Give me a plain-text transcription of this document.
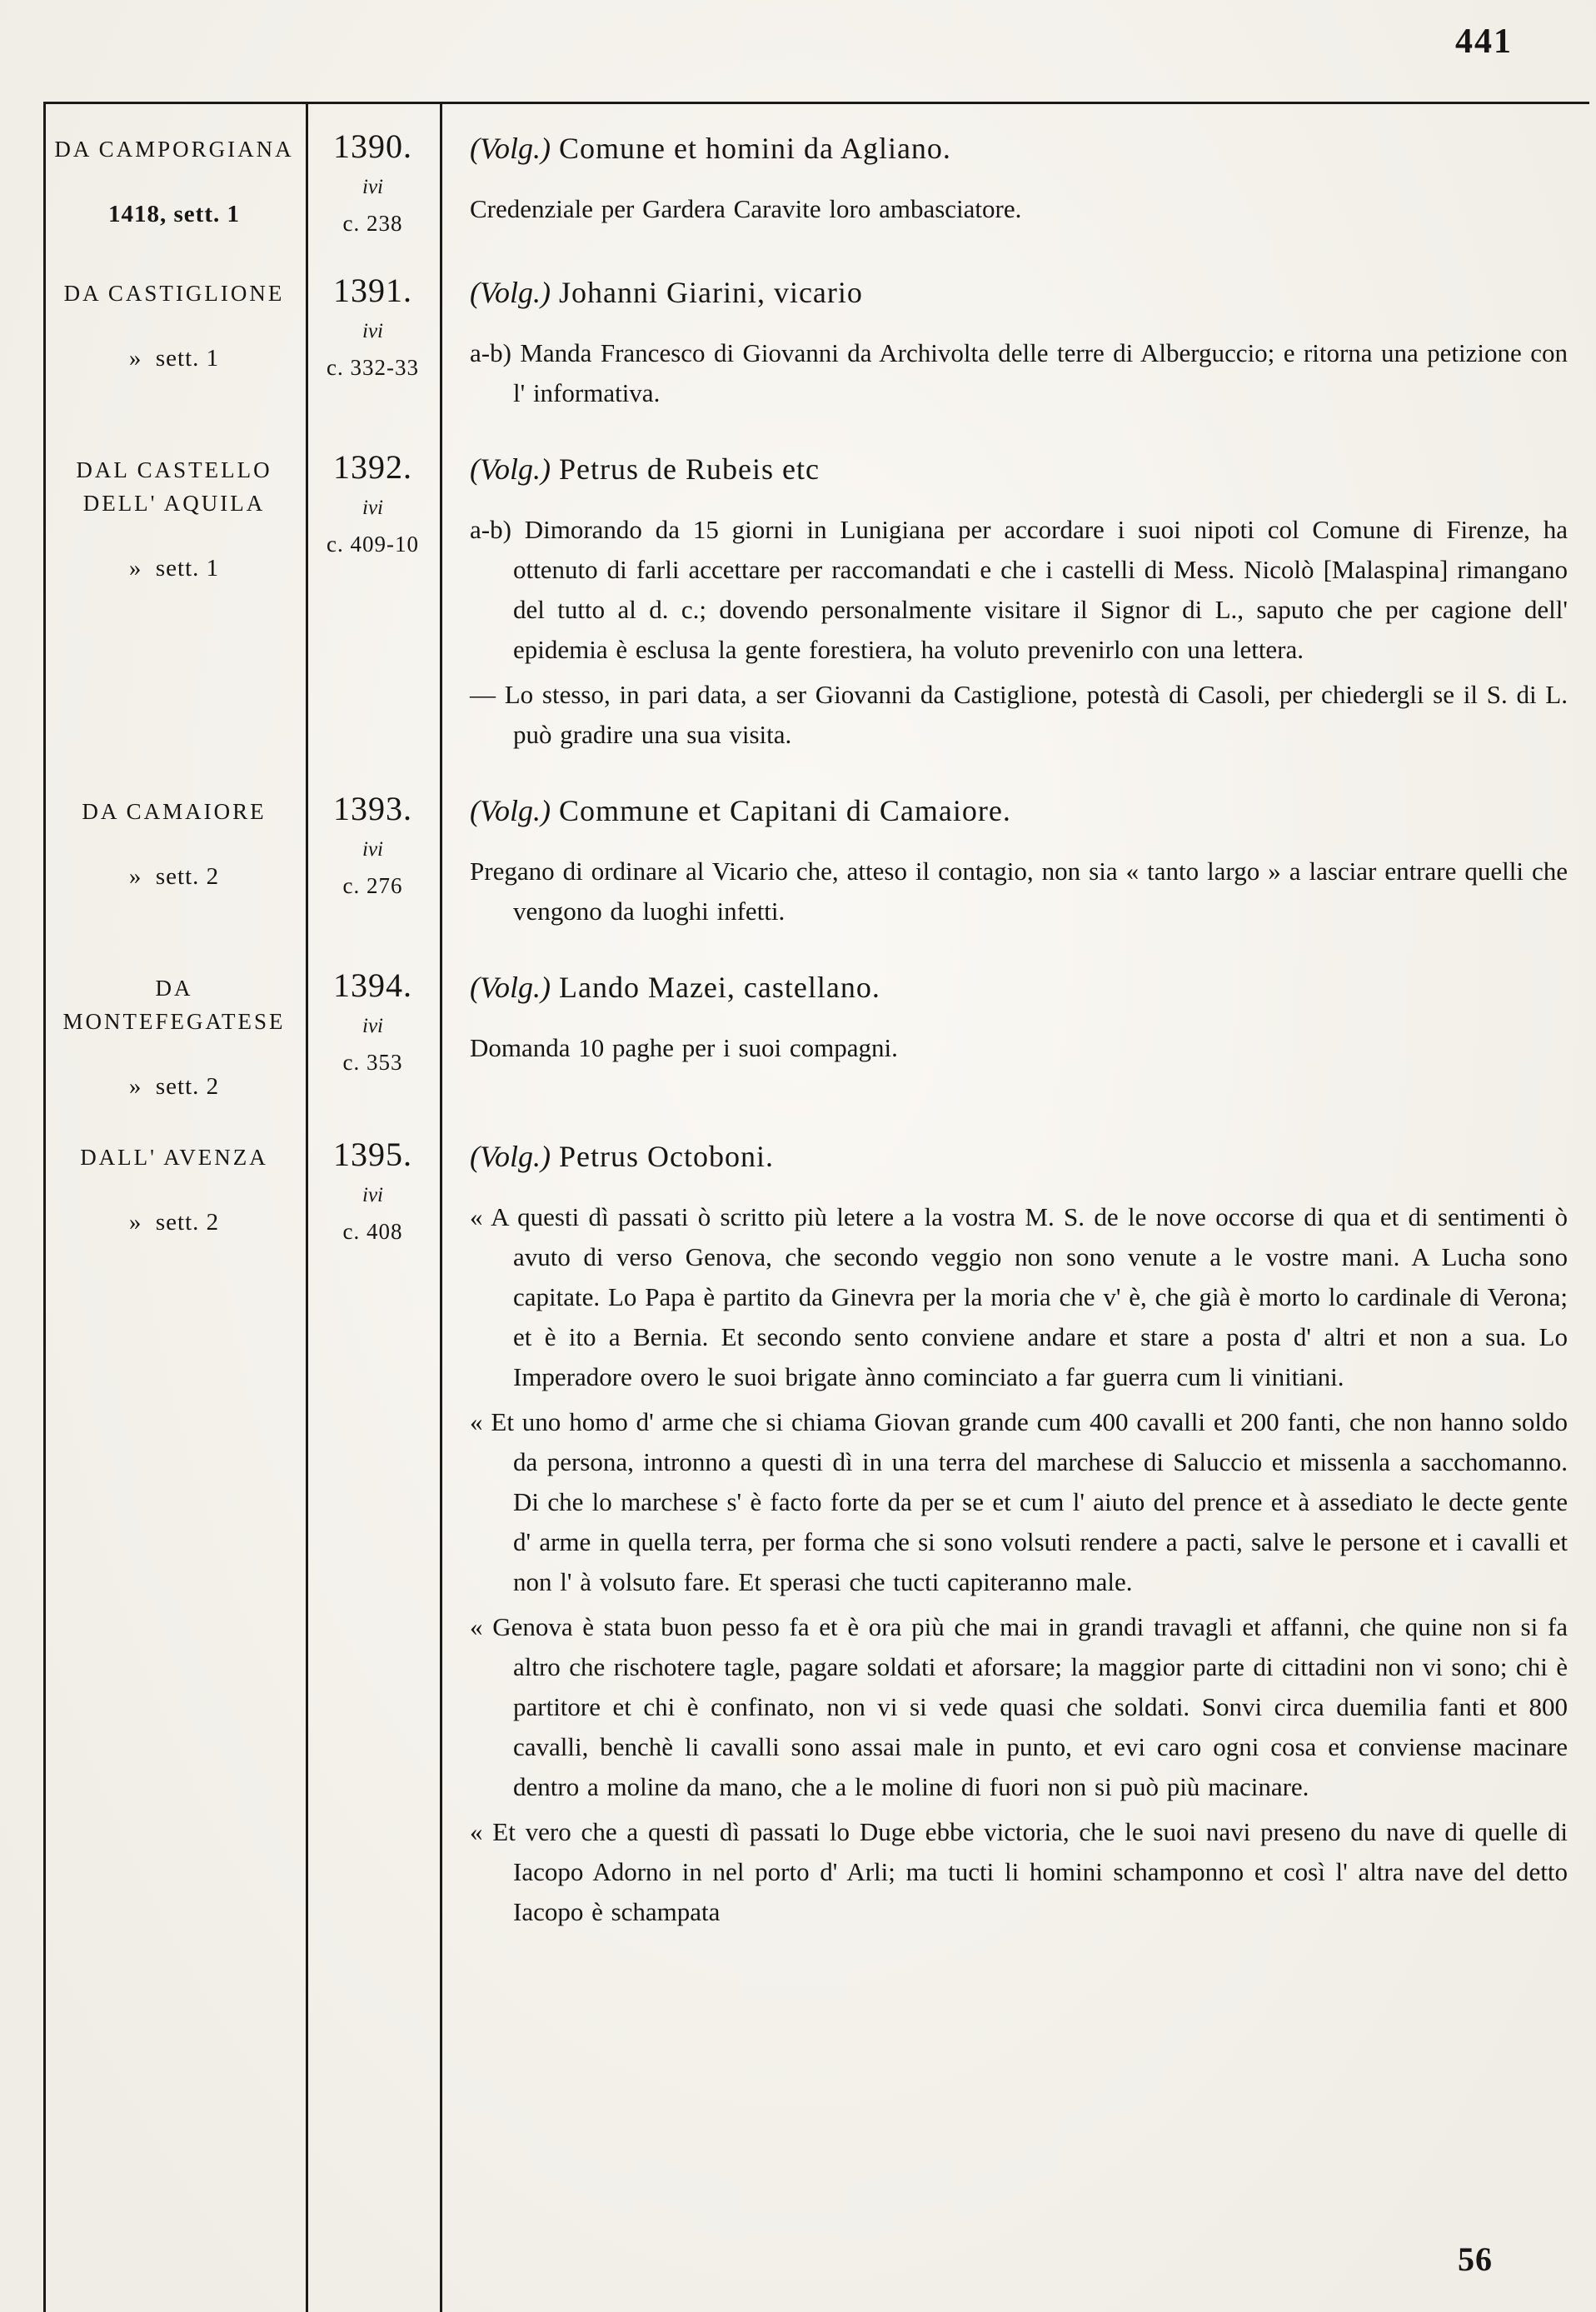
441
DA CAMPORGIANA
1418, sett. 1
1390.
ivi
c. 238
(Volg.) Comune et homini da Agliano.

Credenziale per Gardera Caravite loro ambasciatore.

DA CASTIGLIONE
»  sett. 1
1391.
ivi
c. 332-33
(Volg.) Johanni Giarini, vicario

a-b) Manda Francesco di Giovanni da Archivolta delle terre di Alberguccio; e ritorna una petizione con l' informativa.

DAL CASTELLO
DELL' AQUILA
»  sett. 1
1392.
ivi
c. 409-10
(Volg.) Petrus de Rubeis etc

a-b) Dimorando da 15 giorni in Lunigiana per accordare i suoi nipoti col Comune di Firenze, ha ottenuto di farli accettare per raccomandati e che i castelli di Mess. Nicolò [Malaspina] rimangano del tutto al d. c.; dovendo personalmente visitare il Signor di L., saputo che per cagione dell' epidemia è esclusa la gente forestiera, ha voluto prevenirlo con una lettera.

— Lo stesso, in pari data, a ser Giovanni da Castiglione, potestà di Casoli, per chiedergli se il S. di L. può gradire una sua visita.

DA CAMAIORE
»  sett. 2
1393.
ivi
c. 276
(Volg.) Commune et Capitani di Camaiore.

Pregano di ordinare al Vicario che, atteso il contagio, non sia « tanto largo » a lasciar entrare quelli che vengono da luoghi infetti.

DA
MONTEFEGATESE
»  sett. 2
1394.
ivi
c. 353
(Volg.) Lando Mazei, castellano.

Domanda 10 paghe per i suoi compagni.

DALL' AVENZA
»  sett. 2
1395.
ivi
c. 408
(Volg.) Petrus Octoboni.

« A questi dì passati ò scritto più letere a la vostra M. S. de le nove occorse di qua et di sentimenti ò avuto di verso Genova, che secondo veggio non sono venute a le vostre mani. A Lucha sono capitate. Lo Papa è partito da Ginevra per la moria che v' è, che già è morto lo cardinale di Verona; et è ito a Bernia. Et secondo sento conviene andare et stare a posta d' altri et non a sua. Lo Imperadore overo le suoi brigate ànno cominciato a far guerra cum li vinitiani.

« Et uno homo d' arme che si chiama Giovan grande cum 400 cavalli et 200 fanti, che non hanno soldo da persona, intronno a questi dì in una terra del marchese di Saluccio et missenla a sacchomanno. Di che lo marchese s' è facto forte da per se et cum l' aiuto del prence et à assediato le decte gente d' arme in quella terra, per forma che si sono volsuti rendere a pacti, salve le persone et i cavalli et non l' à volsuto fare. Et sperasi che tucti capiteranno male.

« Genova è stata buon pesso fa et è ora più che mai in grandi travagli et affanni, che quine non si fa altro che rischotere tagle, pagare soldati et aforsare; la maggior parte di cittadini non vi sono; chi è partitore et chi è confinato, non vi si vede quasi che soldati. Sonvi circa duemilia fanti et 800 cavalli, benchè li cavalli sono assai male in punto, et evi caro ogni cosa et conviense macinare dentro a moline da mano, che a le moline di fuori non si può più macinare.

« Et vero che a questi dì passati lo Duge ebbe victoria, che le suoi navi preseno du nave di quelle di Iacopo Adorno in nel porto d' Arli; ma tucti li homini schamponno et così l' altra nave del detto Iacopo è schampata

56
